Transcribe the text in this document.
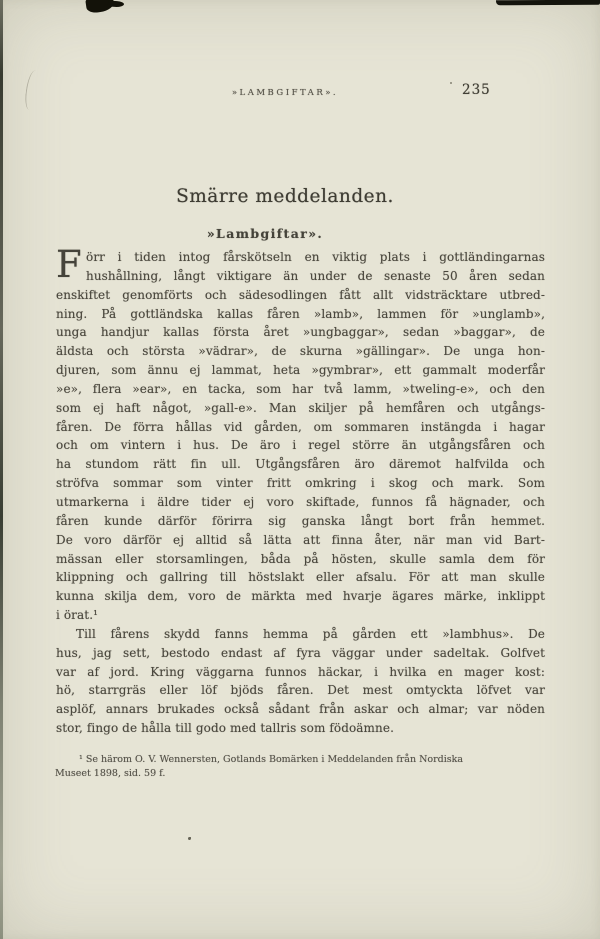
»LAMBGIFTAR».	235
Smärre meddelanden.
»Lambgiftar».
F örr i tiden intog fårskötseln en viktig plats i gottländingarnas
hushållning, långt viktigare än under de senaste 50 åren sedan
enskiftet genomförts och sädesodlingen fått allt vidsträcktare utbred-
ning. På gottländska kallas fåren »lamb», lammen för »unglamb»,
unga handjur kallas första året »ungbaggar», sedan »baggar», de
äldsta och största »vädrar», de skurna »gällingar». De unga hon-
djuren, som ännu ej lammat, heta »gymbrar», ett gammalt moderfår
»e», flera »ear», en tacka, som har två lamm, »tweling-e», och den
som ej haft något, »gall-e». Man skiljer på hemfåren och utgångs-
fåren. De förra hållas vid gården, om sommaren instängda i hagar
och om vintern i hus. De äro i regel större än utgångsfåren och
ha stundom rätt fin ull. Utgångsfåren äro däremot halfvilda och
ströfva sommar som vinter fritt omkring i skog och mark. Som
utmarkerna i äldre tider ej voro skiftade, funnos få hägnader, och
fåren kunde därför förirra sig ganska långt bort från hemmet.
De voro därför ej alltid så lätta att finna åter, när man vid Bart-
mässan eller storsamlingen, båda på hösten, skulle samla dem för
klippning och gallring till höstslakt eller afsalu. För att man skulle
kunna skilja dem, voro de märkta med hvarje ägares märke, inklippt
i örat.¹
Till fårens skydd fanns hemma på gården ett »lambhus». De
hus, jag sett, bestodo endast af fyra väggar under sadeltak. Golfvet
var af jord. Kring väggarna funnos häckar, i hvilka en mager kost:
hö, starrgräs eller löf bjöds fåren. Det mest omtyckta löfvet var
asplöf, annars brukades också sådant från askar och almar; var nöden
stor, fingo de hålla till godo med tallris som födoämne.
¹ Se härom O. V. Wennersten, Gotlands Bomärken i Meddelanden från Nordiska
Museet 1898, sid. 59 f.
